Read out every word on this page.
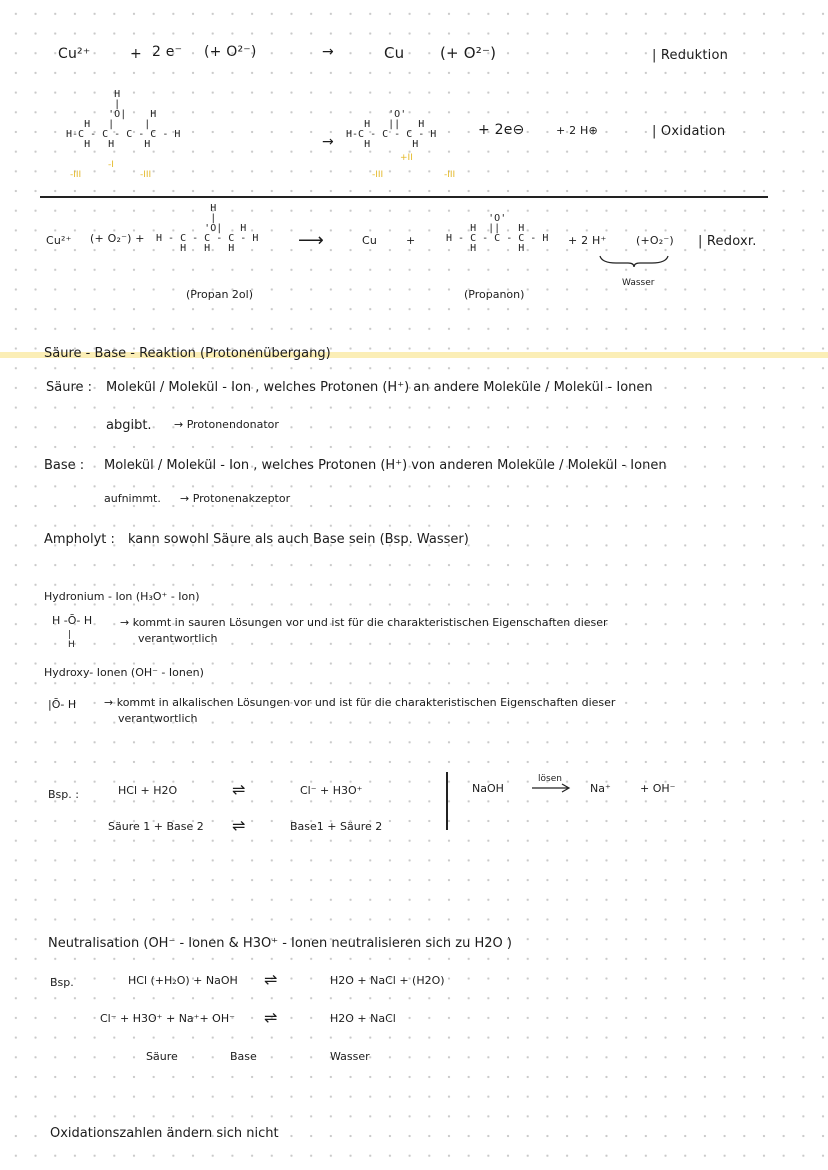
Cu²⁺	+ 2 e⁻ (+ O²⁻)	→	Cu (+ O²⁻)	| Reduktion
H
|
'O|    H
H   |     |
H-C - C - C - C - H
H   H     H
-III
-I
-III
→
'O'
H   ||   H
H-C - C - C - H
H       H
-III
+II
-III
+ 2e⊖	+ 2 H⊕	| Oxidation
Cu²⁺ (+ O₂⁻) +
H
|
'O|   H
H - C - C - C - H
H   H   H
(Propan 2ol)
⟶	Cu	+
'O'
H  ||   H
H - C - C - C - H
H       H
(Propanon)
+ 2 H⁺	(+O₂⁻) | Redoxr.
Wasser
Säure - Base - Reaktion (Protonenübergang)
Säure : Molekül / Molekül - Ion , welches Protonen (H⁺) an andere Moleküle / Molekül - Ionen
abgibt. → Protonendonator
Base : Molekül / Molekül - Ion , welches Protonen (H⁺) von anderen Moleküle / Molekül - Ionen
aufnimmt. → Protonenakzeptor
Ampholyt : kann sowohl Säure als auch Base sein (Bsp. Wasser)
Hydronium - Ion (H₃O⁺ - Ion)
H -Ō- H
|
H
→ kommt in sauren Lösungen vor und ist für die charakteristischen Eigenschaften dieser
verantwortlich
Hydroxy- Ionen (OH⁻ - Ionen)
|Ō- H	→ kommt in alkalischen Lösungen vor und ist für die charakteristischen Eigenschaften dieser
verantwortlich
Bsp. :	HCl + H2O	⇌	Cl⁻ + H3O⁺
Säure 1 + Base 2 ⇌	Base1 + Säure 2
NaOH
lösen
Na⁺	+ OH⁻
Neutralisation (OH⁻ - Ionen & H3O⁺ - Ionen neutralisieren sich zu H2O )
Bsp.	HCl (+H₂O) + NaOH ⇌	H2O + NaCl + (H2O)
Cl⁻ + H3O⁺ + Na⁺+ OH⁻ ⇌	H2O + NaCl
Säure	Base	Wasser
Oxidationszahlen ändern sich nicht
